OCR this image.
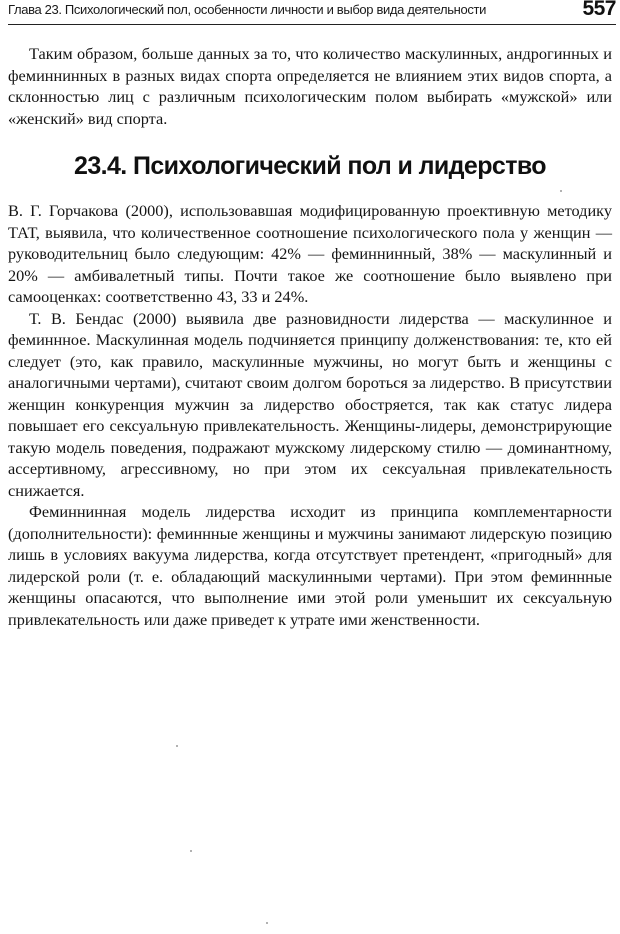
Глава 23. Психологический пол, особенности личности и выбор вида деятельности	557

Таким образом, больше данных за то, что количество маскулинных, андрогинных и феминнинных в разных видах спорта определяется не влиянием этих видов спорта, а склонностью лиц с различным психологическим полом выбирать «мужской» или «женский» вид спорта.

23.4. Психологический пол и лидерство

В. Г. Горчакова (2000), использовавшая модифицированную проективную методику ТАТ, выявила, что количественное соотношение психологического пола у женщин — руководительниц было следующим: 42% — феминнинный, 38% — маскулинный и 20% — амбивалетный типы. Почти такое же соотношение было выявлено при самооценках: соответственно 43, 33 и 24%.

Т. В. Бендас (2000) выявила две разновидности лидерства — маскулинное и феминнное. Маскулинная модель подчиняется принципу долженствования: те, кто ей следует (это, как правило, маскулинные мужчины, но могут быть и женщины с аналогичными чертами), считают своим долгом бороться за лидерство. В присутствии женщин конкуренция мужчин за лидерство обостряется, так как статус лидера повышает его сексуальную привлекательность. Женщины-лидеры, демонстрирующие такую модель поведения, подражают мужскому лидерскому стилю — доминантному, ассертивному, агрессивному, но при этом их сексуальная привлекательность снижается.

Феминнинная модель лидерства исходит из принципа комплементарности (дополнительности): феминнные женщины и мужчины занимают лидерскую позицию лишь в условиях вакуума лидерства, когда отсутствует претендент, «пригодный» для лидерской роли (т. е. обладающий маскулинными чертами). При этом феминнные женщины опасаются, что выполнение ими этой роли уменьшит их сексуальную привлекательность или даже приведет к утрате ими женственности.
